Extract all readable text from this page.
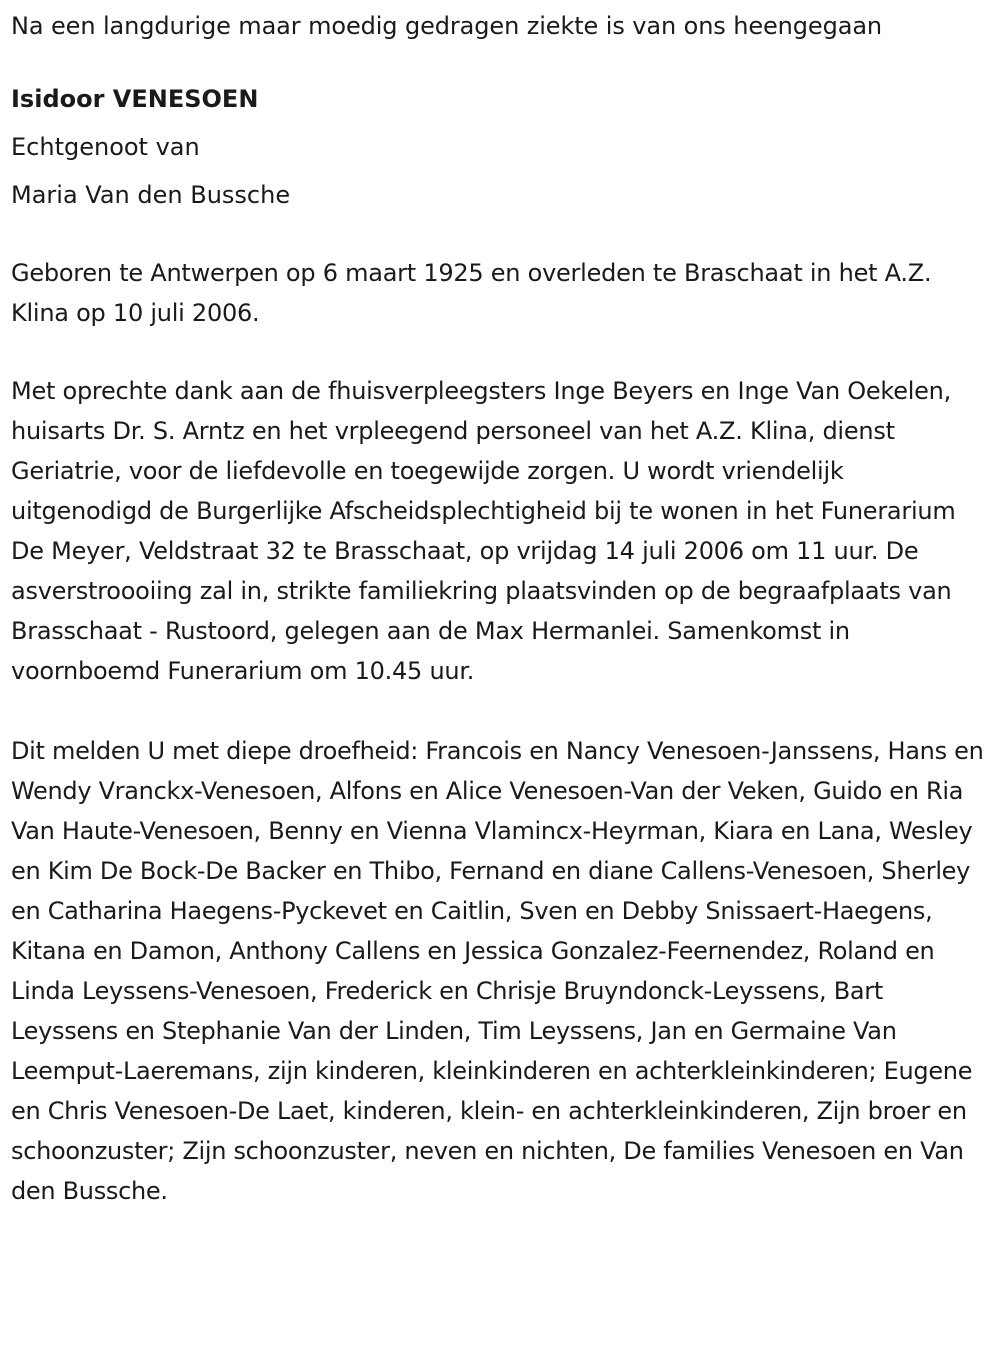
Na een langdurige maar moedig gedragen ziekte is van ons heengegaan

Isidoor VENESOEN

Echtgenoot van

Maria Van den Bussche

Geboren te Antwerpen op 6 maart 1925 en overleden te Braschaat in het A.Z. Klina op 10 juli 2006.

Met oprechte dank aan de fhuisverpleegsters Inge Beyers en Inge Van Oekelen, huisarts Dr. S. Arntz en het vrpleegend personeel van het A.Z. Klina, dienst Geriatrie, voor de liefdevolle en toegewijde zorgen. U wordt vriendelijk uitgenodigd de Burgerlijke Afscheidsplechtigheid bij te wonen in het Funerarium De Meyer, Veldstraat 32 te Brasschaat, op vrijdag 14 juli 2006 om 11 uur. De asverstroooiing zal in, strikte familiekring plaatsvinden op de begraafplaats van Brasschaat - Rustoord, gelegen aan de Max Hermanlei. Samenkomst in voornboemd Funerarium om 10.45 uur.

Dit melden U met diepe droefheid: Francois en Nancy Venesoen-Janssens, Hans en Wendy Vranckx-Venesoen, Alfons en Alice Venesoen-Van der Veken, Guido en Ria Van Haute-Venesoen, Benny en Vienna Vlamincx-Heyrman, Kiara en Lana, Wesley en Kim De Bock-De Backer en Thibo, Fernand en diane Callens-Venesoen, Sherley en Catharina Haegens-Pyckevet en Caitlin, Sven en Debby Snissaert-Haegens, Kitana en Damon, Anthony Callens en Jessica Gonzalez-Feernendez, Roland en Linda Leyssens-Venesoen, Frederick en Chrisje Bruyndonck-Leyssens, Bart Leyssens en Stephanie Van der Linden, Tim Leyssens, Jan en Germaine Van Leemput-Laeremans, zijn kinderen, kleinkinderen en achterkleinkinderen; Eugene en Chris Venesoen-De Laet, kinderen, klein- en achterkleinkinderen, Zijn broer en schoonzuster; Zijn schoonzuster, neven en nichten, De families Venesoen en Van den Bussche.
